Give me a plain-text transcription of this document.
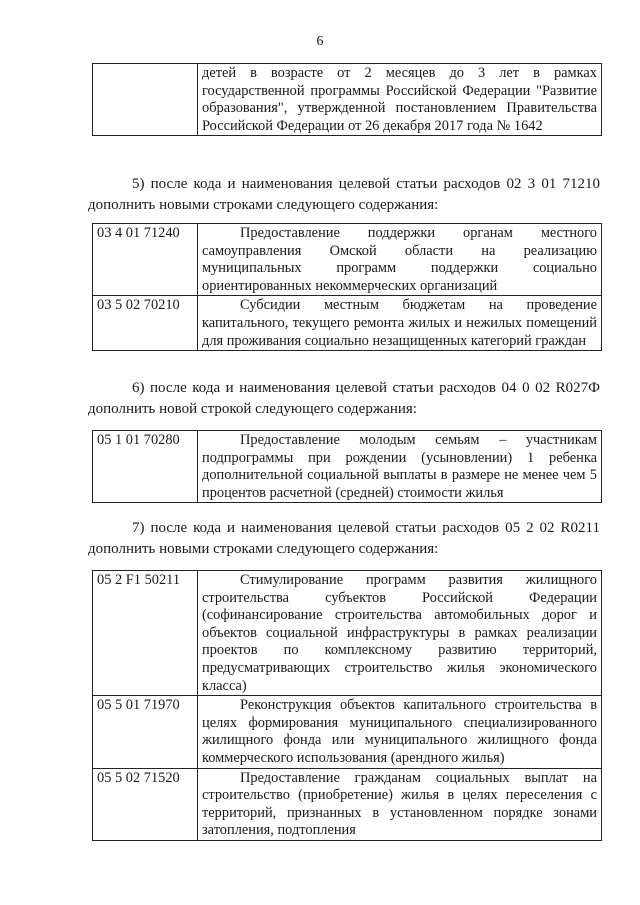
6
	детей в возрасте от 2 месяцев до 3 лет в рамках государственной программы Российской Федерации "Развитие образования", утвержденной постановлением Правительства Российской Федерации от 26 декабря 2017 года № 1642
5) после кода и наименования целевой статьи расходов 02 3 01 71210 дополнить новыми строками следующего содержания:
03 4 01 71240	Предоставление поддержки органам местного самоуправления Омской области на реализацию муниципальных программ поддержки социально ориентированных некоммерческих организаций
03 5 02 70210	Субсидии местным бюджетам на проведение капитального, текущего ремонта жилых и нежилых помещений для проживания социально незащищенных категорий граждан
6) после кода и наименования целевой статьи расходов 04 0 02 R027Ф дополнить новой строкой следующего содержания:
05 1 01 70280	Предоставление молодым семьям – участникам подпрограммы при рождении (усыновлении) 1 ребенка дополнительной социальной выплаты в размере не менее чем 5 процентов расчетной (средней) стоимости жилья
7) после кода и наименования целевой статьи расходов 05 2 02 R0211 дополнить новыми строками следующего содержания:
05 2 F1 50211	Стимулирование программ развития жилищного строительства субъектов Российской Федерации (софинансирование строительства автомобильных дорог и объектов социальной инфраструктуры в рамках реализации проектов по комплексному развитию территорий, предусматривающих строительство жилья экономического класса)
05 5 01 71970	Реконструкция объектов капитального строительства в целях формирования муниципального специализированного жилищного фонда или муниципального жилищного фонда коммерческого использования (арендного жилья)
05 5 02 71520	Предоставление гражданам социальных выплат на строительство (приобретение) жилья в целях переселения с территорий, признанных в установленном порядке зонами затопления, подтопления
